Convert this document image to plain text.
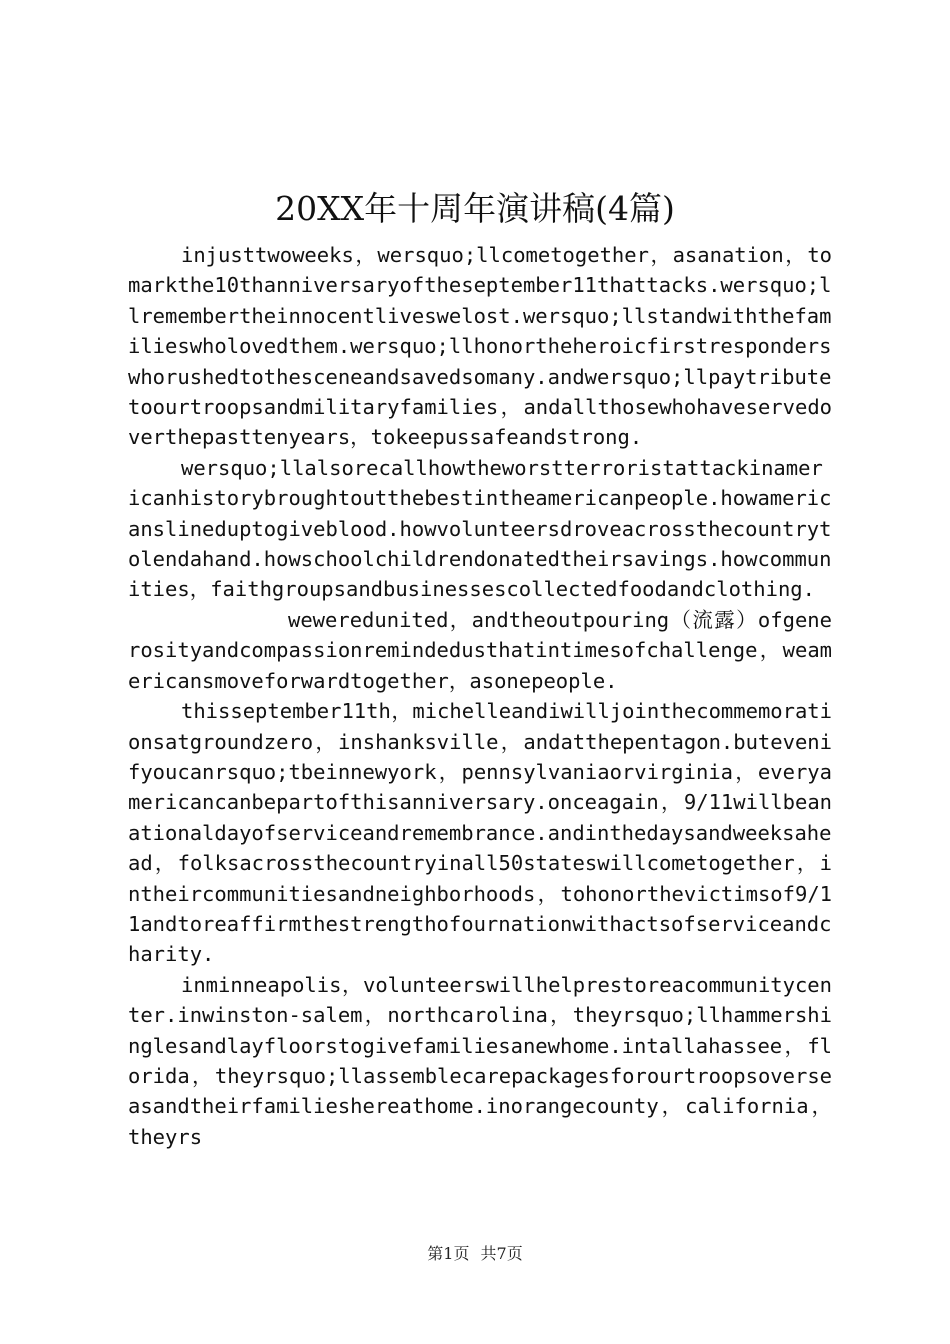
20XX年十周年演讲稿(4篇)

injusttwoweeks，wersquo;llcometogether，asanation，tomarkthe10thanniversaryoftheseptember11thattacks.wersquo;llremembertheinnocentliveswelost.wersquo;llstandwiththefamilieswholovedthem.wersquo;llhonortheheroicfirstresponderswhorushedtothesceneandsavedsomany.andwersquo;llpaytributetoourtroopsandmilitaryfamilies，andallthosewhohaveservedoverthepasttenyears，tokeepussafeandstrong.

wersquo;llalsorecallhowtheworstterroristattackinamericanhistorybroughtoutthebestintheamericanpeople.howamericanslineduptogiveblood.howvolunteersdroveacrossthecountrytolendahand.howschoolchildrendonatedtheirsavings.howcommunities，faithgroupsandbusinessescollectedfoodandclothing.

weweredunited，andtheoutpouring（流露）ofgenerosityandcompassionremindedusthatintimesofchallenge，weamericansmoveforwardtogether，asonepeople.

thisseptember11th，michelleandiwilljointhecommemorationsatgroundzero，inshanksville，andatthepentagon.butevenifyoucanrsquo;tbeinnewyork，pennsylvaniaorvirginia，everyamericancanbepartofthisanniversary.onceagain，9/11willbeanationaldayofserviceandremembrance.andinthedaysandweeksahead，folksacrossthecountryinall50stateswillcometogether，intheircommunitiesandneighborhoods，tohonorthevictimsof9/11andtoreaffirmthestrengthofournationwithactsofserviceandcharity.

inminneapolis，volunteerswillhelprestoreacommunitycenter.inwinston-salem，northcarolina，theyrsquo;llhammershinglesandlayfloorstogivefamiliesanewhome.intallahassee，florida，theyrsquo;llassemblecarepackagesforourtroopsoverseasandtheirfamilieshereathome.inorangecounty，california，theyrs

第1页 共7页
